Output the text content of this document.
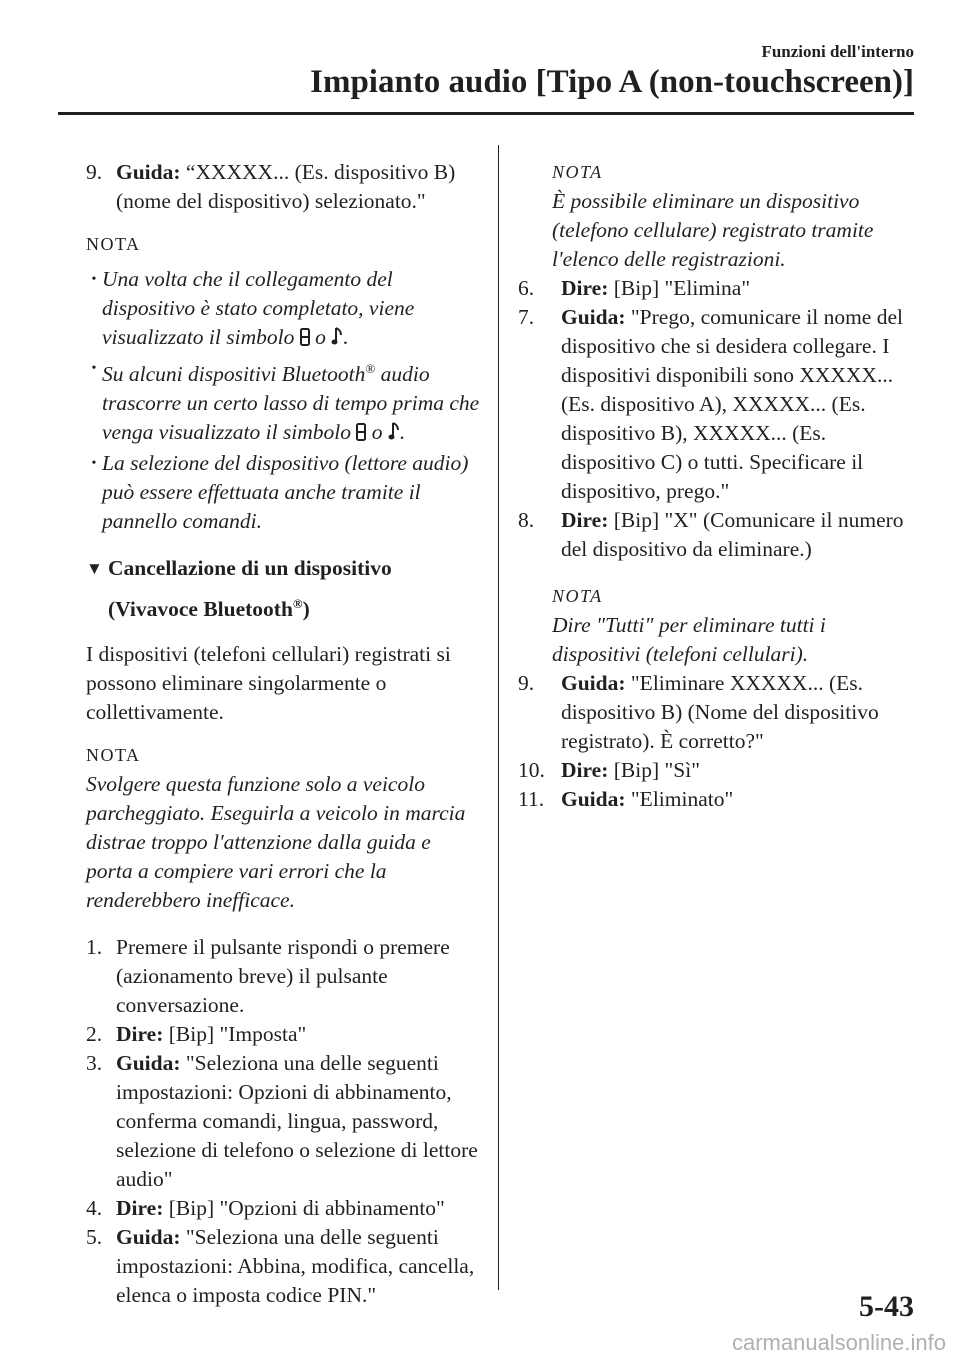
Funzioni dell'interno
Impianto audio [Tipo A (non-touchscreen)]
9. Guida: “XXXXX... (Es. dispositivo B) (nome del dispositivo) selezionato."
NOTA
• Una volta che il collegamento del dispositivo è stato completato, viene visualizzato il simbolo o .
• Su alcuni dispositivi Bluetooth® audio trascorre un certo lasso di tempo prima che venga visualizzato il simbolo o .
• La selezione del dispositivo (lettore audio) può essere effettuata anche tramite il pannello comandi.
▼ Cancellazione di un dispositivo
(Vivavoce Bluetooth®)
I dispositivi (telefoni cellulari) registrati si possono eliminare singolarmente o collettivamente.
NOTA
Svolgere questa funzione solo a veicolo parcheggiato. Eseguirla a veicolo in marcia distrae troppo l'attenzione dalla guida e porta a compiere vari errori che la renderebbero inefficace.
1. Premere il pulsante rispondi o premere (azionamento breve) il pulsante conversazione.
2. Dire: [Bip] "Imposta"
3. Guida: "Seleziona una delle seguenti impostazioni: Opzioni di abbinamento, conferma comandi, lingua, password, selezione di telefono o selezione di lettore audio"
4. Dire: [Bip] "Opzioni di abbinamento"
5. Guida: "Seleziona una delle seguenti impostazioni: Abbina, modifica, cancella, elenca o imposta codice PIN."
NOTA
È possibile eliminare un dispositivo (telefono cellulare) registrato tramite l'elenco delle registrazioni.
6.	Dire: [Bip] "Elimina"
7.	Guida: "Prego, comunicare il nome del dispositivo che si desidera collegare. I dispositivi disponibili sono XXXXX... (Es. dispositivo A), XXXXX... (Es. dispositivo B), XXXXX... (Es. dispositivo C) o tutti. Specificare il dispositivo, prego."
8.	Dire: [Bip] "X" (Comunicare il numero del dispositivo da eliminare.)
NOTA
Dire "Tutti" per eliminare tutti i dispositivi (telefoni cellulari).
9.	Guida: "Eliminare XXXXX... (Es. dispositivo B) (Nome del dispositivo registrato). È corretto?"
10. Dire: [Bip] "Sì"
11. Guida: "Eliminato"
5-43
carmanualsonline.info
